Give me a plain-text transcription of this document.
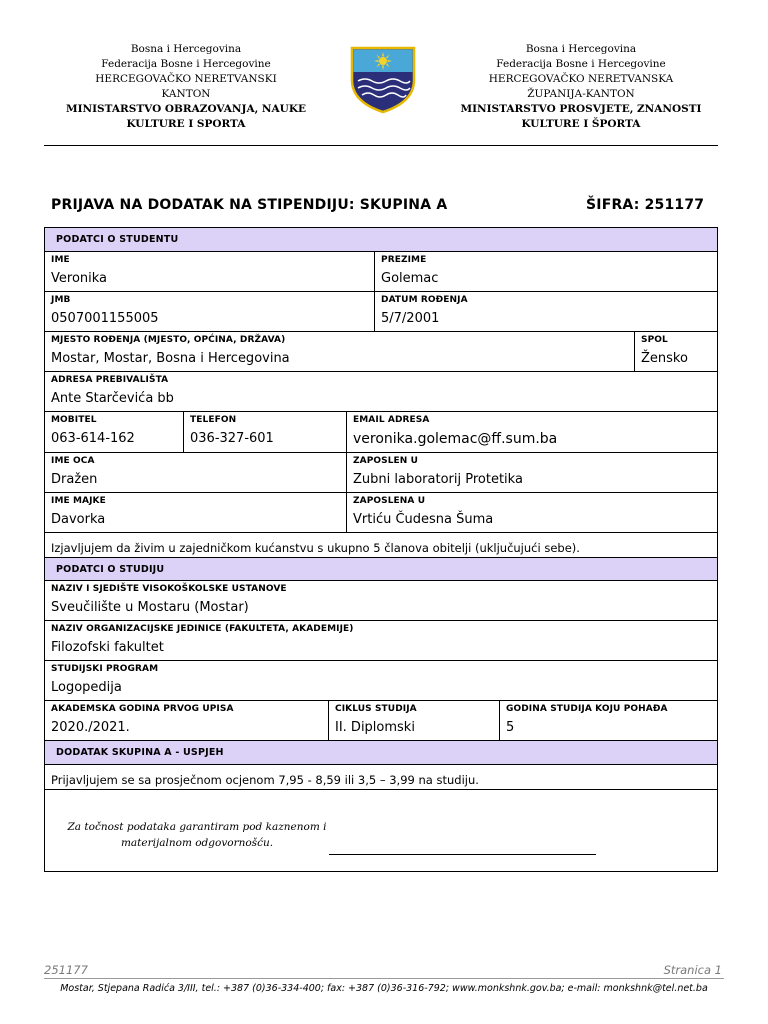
Bosna i Hercegovina
Federacija Bosne i Hercegovine
HERCEGOVAČKO NERETVANSKI
KANTON
MINISTARSTVO OBRAZOVANJA, NAUKE
KULTURE I SPORTA
Bosna i Hercegovina
Federacija Bosne i Hercegovine
HERCEGOVAČKO NERETVANSKA
ŽUPANIJA-KANTON
MINISTARSTVO PROSVJETE, ZNANOSTI
KULTURE I ŠPORTA
PRIJAVA NA DODATAK NA STIPENDIJU: SKUPINA A	ŠIFRA: 251177
PODATCI O STUDENTU
IME
Veronika
PREZIME
Golemac
JMB
0507001155005
DATUM ROĐENJA
5/7/2001
MJESTO ROĐENJA (MJESTO, OPĆINA, DRŽAVA)
Mostar, Mostar, Bosna i Hercegovina
SPOL
Žensko
ADRESA PREBIVALIŠTA
Ante Starčevića bb
MOBITEL
063-614-162
TELEFON
036-327-601
EMAIL ADRESA
veronika.golemac@ff.sum.ba
IME OCA
Dražen
ZAPOSLEN U
Zubni laboratorij Protetika
IME MAJKE
Davorka
ZAPOSLENA U
Vrtiću Čudesna Šuma
Izjavljujem da živim u zajedničkom kućanstvu s ukupno 5 članova obitelji (uključujući sebe).
PODATCI O STUDIJU
NAZIV I SJEDIŠTE VISOKOŠKOLSKE USTANOVE
Sveučilište u Mostaru (Mostar)
NAZIV ORGANIZACIJSKE JEDINICE (FAKULTETA, AKADEMIJE)
Filozofski fakultet
STUDIJSKI PROGRAM
Logopedija
AKADEMSKA GODINA PRVOG UPISA
2020./2021.
CIKLUS STUDIJA
II. Diplomski
GODINA STUDIJA KOJU POHAĐA
5
DODATAK SKUPINA A - USPJEH
Prijavljujem se sa prosječnom ocjenom 7,95 - 8,59 ili 3,5 – 3,99 na studiju.
Za točnost podataka garantiram pod kaznenom i materijalnom odgovornošću.
251177	Stranica 1
Mostar, Stjepana Radića 3/III, tel.: +387 (0)36-334-400; fax: +387 (0)36-316-792; www.monkshnk.gov.ba; e-mail: monkshnk@tel.net.ba
